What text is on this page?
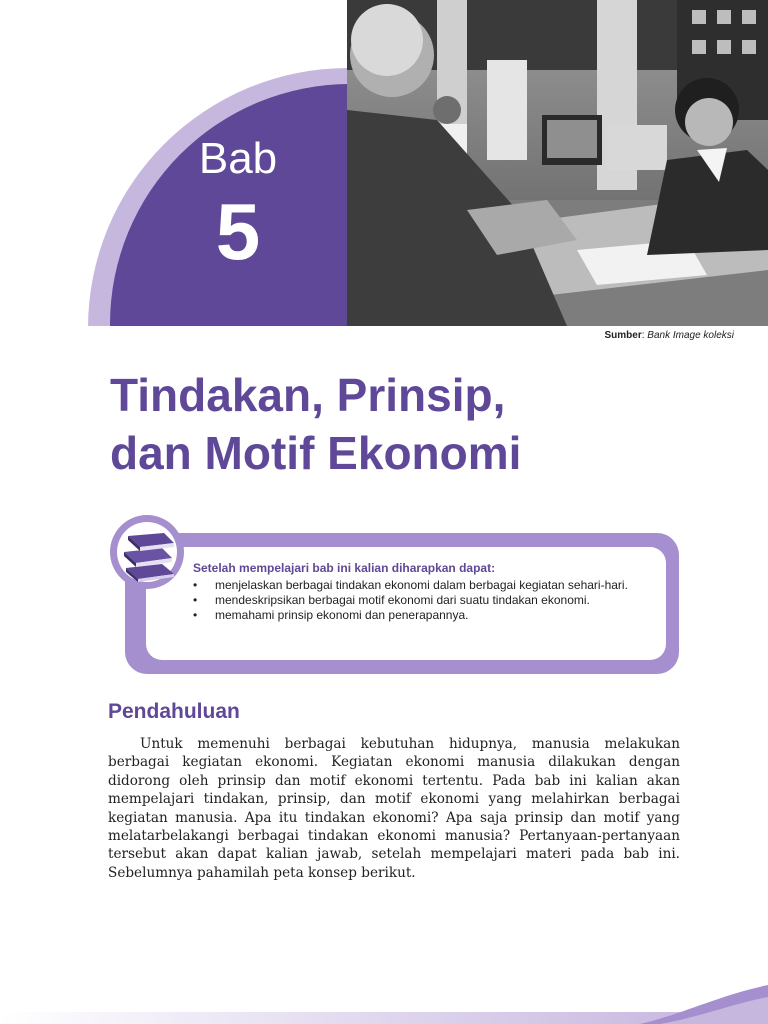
Bab
5
Sumber: Bank Image koleksi
Tindakan, Prinsip,
dan Motif Ekonomi
Setelah mempelajari bab ini kalian diharapkan dapat:
• menjelaskan berbagai tindakan ekonomi dalam berbagai kegiatan sehari-hari.
• mendeskripsikan berbagai motif ekonomi dari suatu tindakan ekonomi.
• memahami prinsip ekonomi dan penerapannya.
Pendahuluan

Untuk memenuhi berbagai kebutuhan hidupnya, manusia melakukan berbagai kegiatan ekonomi. Kegiatan ekonomi manusia dilakukan dengan didorong oleh prinsip dan motif ekonomi tertentu. Pada bab ini kalian akan mempelajari tindakan, prinsip, dan motif ekonomi yang melahirkan berbagai kegiatan manusia. Apa itu tindakan ekonomi? Apa saja prinsip dan motif yang melatarbelakangi berbagai tindakan ekonomi manusia? Pertanyaan-pertanyaan tersebut akan dapat kalian jawab, setelah mempelajari materi pada bab ini. Sebelumnya pahamilah peta konsep berikut.
